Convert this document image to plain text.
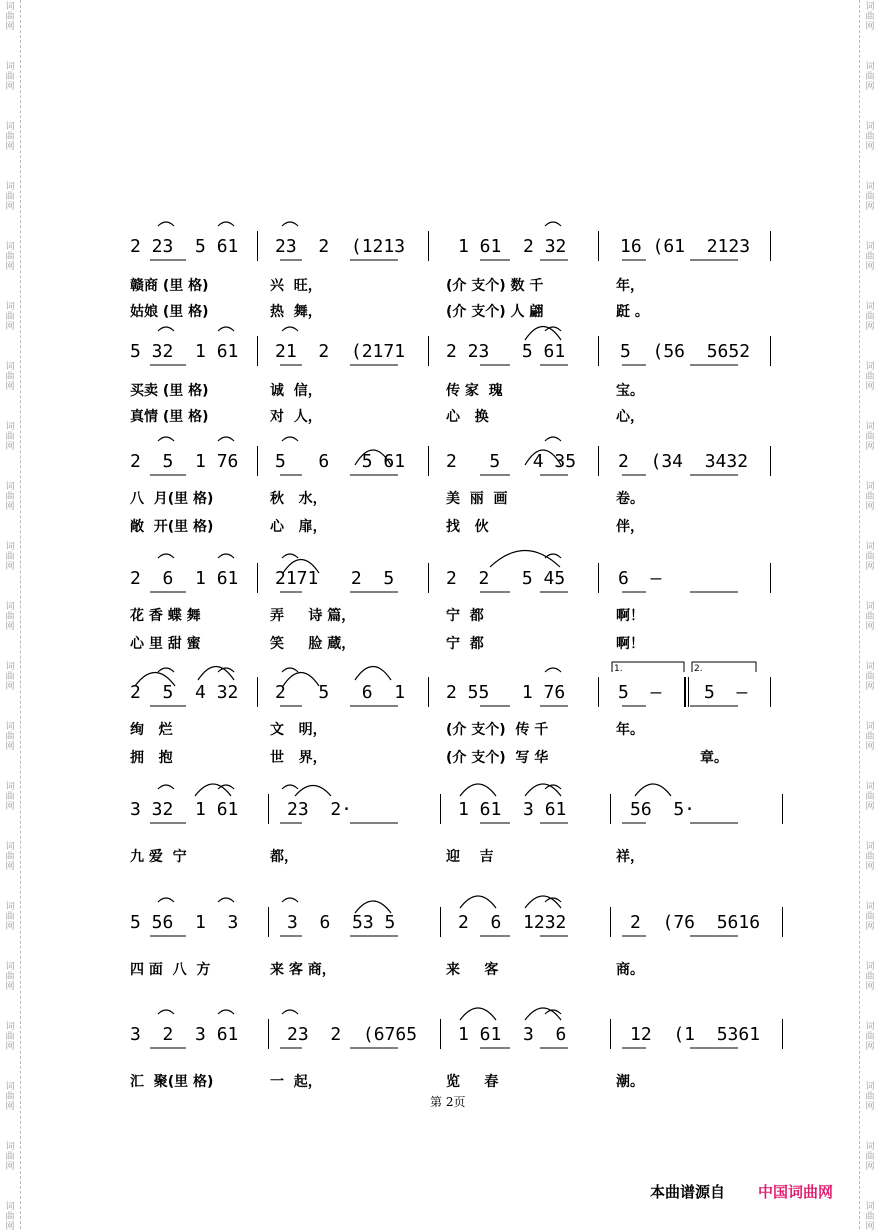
2 23  5 61 23  2  (1213	1 61  2 32	16 (61  2123
赣商 (里 格)	兴  旺，	(介 支个) 数 千	年，
姑娘 (里 格)	热  舞，	(介 支个) 人 翩	跹 。
5 32  1 61 21  2  (2171 2 23   5 61	5  (56  5652
买卖 (里 格)	诚  信，	传 家  瑰	宝。
真情 (里 格)	对  人，	心   换	心，
2  5  1 76 5   6   5 61 2   5   4 35 2  (34  3432
八  月(里 格)	秋   水，	美  丽  画	卷。
敞  开(里 格)	心   扉，	找   伙	伴，
2  6  1 61 2171   2  5	2  2   5 45	6  –
花 香 蝶 舞	弄     诗 篇，	宁  都	啊！
心 里 甜 蜜	笑     脸 蔵，	宁  都	啊！
2  5  4 32 2   5   6  1 2 55   1 76	5  – 5  –
绚   烂	文   明，	(介 支个)  传 千	年。
拥   抱	世   界，	(介 支个)  写 华	章。
3 32  1 61	23  2·	1 61  3 61	56  5·
九 爱  宁	都，	迎    吉	祥，
5 56  1  3	3  6  53 5	2  6  1232	2  (76  5616
四 面  八  方	来 客 商，	来     客	商。
3  2  3 61	23  2  (6765 1 61  3  6	12  (1  5361
汇  聚(里 格)	一  起，	览     春	潮。
1.	2.
第 2页
本曲谱源自 中国词曲网
词
曲
网
词
曲
网
词
曲
网
词
曲
网
词
曲
网
词
曲
网
词
曲
网
词
曲
网
词
曲
网
词
曲
网
词
曲
网
词
曲
网
词
曲
网
词
曲
网
词
曲
网
词
曲
网
词
曲
网
词
曲
网
词
曲
网
词
曲
网
词
曲
网
词
曲
网
词
曲
网
词
曲
网
词
曲
网
词
曲
网
词
曲
网
词
曲
网
词
曲
网
词
曲
网
词
曲
网
词
曲
网
词
曲
网
词
曲
网
词
曲
网
词
曲
网
词
曲
网
词
曲
网
词
曲
网
词
曲
网
词
曲
网
词
曲
网
